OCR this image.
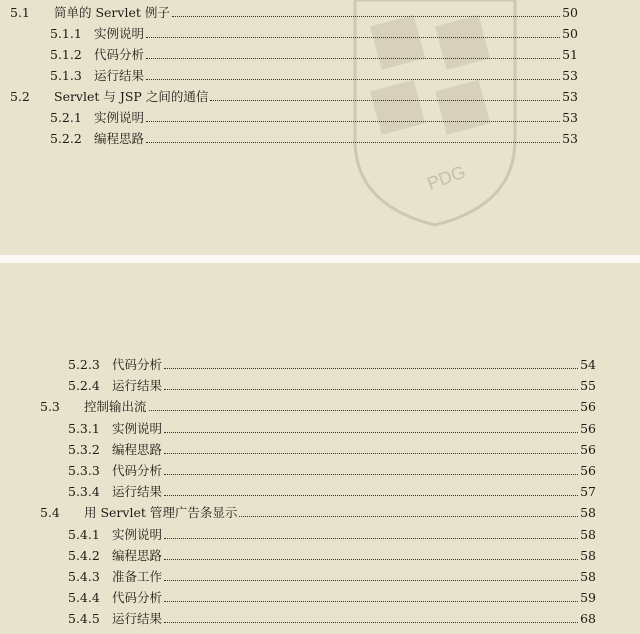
PDG
5.1	简单的 Servlet 例子	50
5.1.1 实例说明	50
5.1.2 代码分析	51
5.1.3 运行结果	53
5.2	Servlet 与 JSP 之间的通信	53
5.2.1 实例说明	53
5.2.2 编程思路	53
5.2.3 代码分析	54
5.2.4 运行结果	55
5.3	控制输出流	56
5.3.1 实例说明	56
5.3.2 编程思路	56
5.3.3 代码分析	56
5.3.4 运行结果	57
5.4	用 Servlet 管理广告条显示	58
5.4.1 实例说明	58
5.4.2 编程思路	58
5.4.3 准备工作	58
5.4.4 代码分析	59
5.4.5 运行结果	68
